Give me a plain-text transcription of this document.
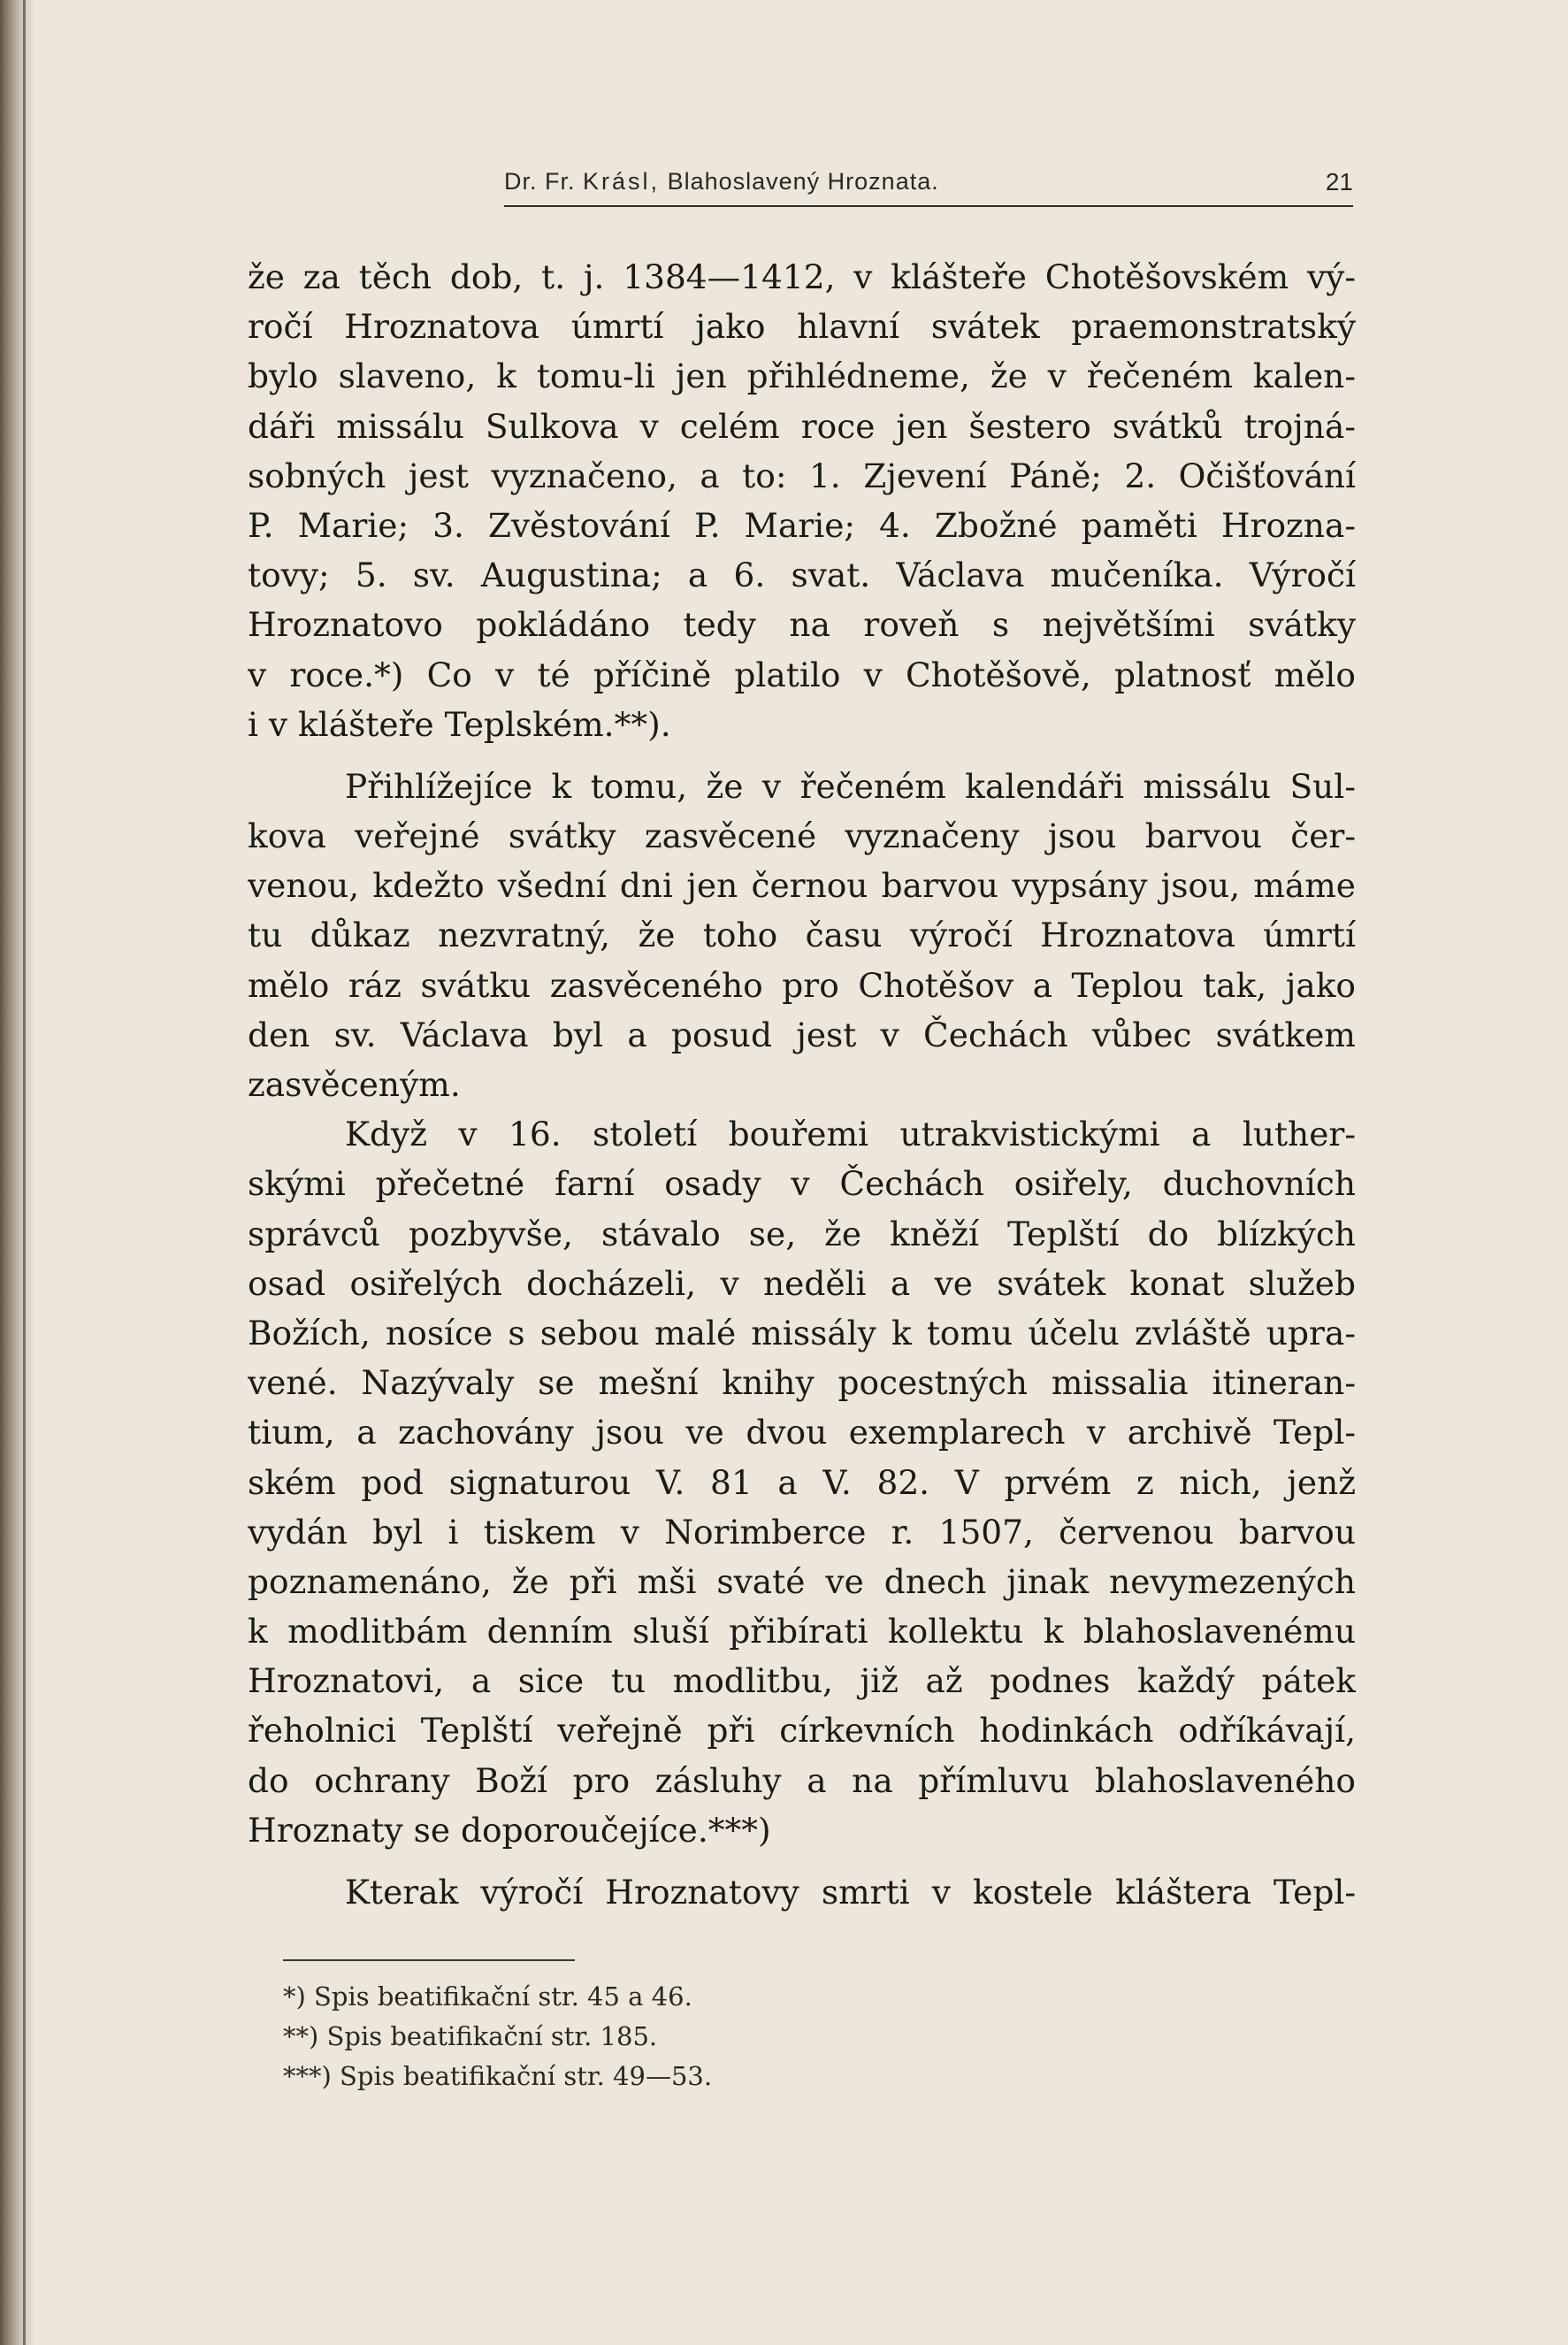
Dr. Fr. Krásl, Blahoslavený Hroznata.	21
že za těch dob, t. j. 1384—1412, v klášteře Chotěšovském vý-
ročí Hroznatova úmrtí jako hlavní svátek praemonstratský
bylo slaveno, k tomu-li jen přihlédneme, že v řečeném kalen-
dáři missálu Sulkova v celém roce jen šestero svátků trojná-
sobných jest vyznačeno, a to: 1. Zjevení Páně; 2. Očišťování
P. Marie; 3. Zvěstování P. Marie; 4. Zbožné paměti Hrozna-
tovy; 5. sv. Augustina; a 6. svat. Václava mučeníka. Výročí
Hroznatovo pokládáno tedy na roveň s největšími svátky
v roce.*) Co v té příčině platilo v Chotěšově, platnosť mělo
i v klášteře Teplském.**).
Přihlížejíce k tomu, že v řečeném kalendáři missálu Sul-
kova veřejné svátky zasvěcené vyznačeny jsou barvou čer-
venou, kdežto všední dni jen černou barvou vypsány jsou, máme
tu důkaz nezvratný, že toho času výročí Hroznatova úmrtí
mělo ráz svátku zasvěceného pro Chotěšov a Teplou tak, jako
den sv. Václava byl a posud jest v Čechách vůbec svátkem
zasvěceným.
Když v 16. století bouřemi utrakvistickými a luther-
skými přečetné farní osady v Čechách osiřely, duchovních
správců pozbyvše, stávalo se, že kněží Teplští do blízkých
osad osiřelých docházeli, v neděli a ve svátek konat služeb
Božích, nosíce s sebou malé missály k tomu účelu zvláště upra-
vené. Nazývaly se mešní knihy pocestných missalia itineran-
tium, a zachovány jsou ve dvou exemplarech v archivě Tepl-
ském pod signaturou V. 81 a V. 82. V prvém z nich, jenž
vydán byl i tiskem v Norimberce r. 1507, červenou barvou
poznamenáno, že při mši svaté ve dnech jinak nevymezených
k modlitbám denním sluší přibírati kollektu k blahoslavenému
Hroznatovi, a sice tu modlitbu, již až podnes každý pátek
řeholnici Teplští veřejně při církevních hodinkách odříkávají,
do ochrany Boží pro zásluhy a na přímluvu blahoslaveného
Hroznaty se doporoučejíce.***)
Kterak výročí Hroznatovy smrti v kostele kláštera Tepl-
*) Spis beatifikační str. 45 a 46.
**) Spis beatifikační str. 185.
***) Spis beatifikační str. 49—53.
